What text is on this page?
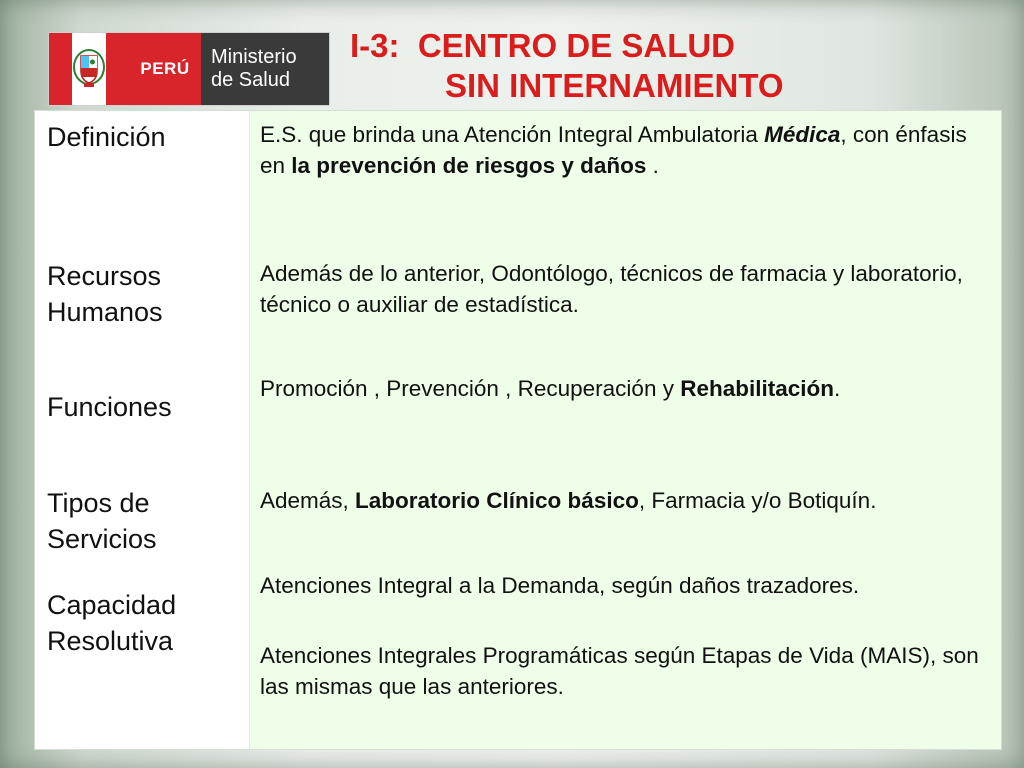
PERÚ
Ministerio
de Salud
I-3:  CENTRO DE SALUD
SIN INTERNAMIENTO
Definición	E.S. que brinda una Atención Integral Ambulatoria Médica, con énfasis en la prevención de riesgos y daños .
Recursos
Humanos
Además de lo anterior, Odontólogo, técnicos de farmacia y laboratorio, técnico o auxiliar de estadística.
Funciones
Promoción , Prevención , Recuperación y Rehabilitación.
Tipos de
Servicios
Además, Laboratorio Clínico básico, Farmacia y/o Botiquín.
Capacidad
Resolutiva
Atenciones Integral a la Demanda, según daños trazadores.
Atenciones Integrales Programáticas según Etapas de Vida (MAIS), son las mismas que las anteriores.
